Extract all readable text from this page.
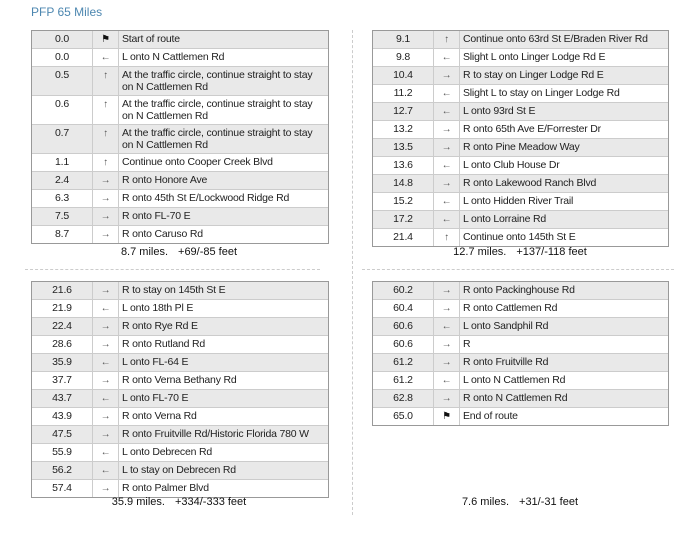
PFP 65 Miles
0.0	⚑	Start of route
0.0	←	L onto N Cattlemen Rd
0.5	↑	At the traffic circle, continue straight to stay on N Cattlemen Rd
0.6	↑	At the traffic circle, continue straight to stay on N Cattlemen Rd
0.7	↑	At the traffic circle, continue straight to stay on N Cattlemen Rd
1.1	↑	Continue onto Cooper Creek Blvd
2.4	→	R onto Honore Ave
6.3	→	R onto 45th St E/Lockwood Ridge Rd
7.5	→	R onto FL-70 E
8.7	→	R onto Caruso Rd
9.1	↑	Continue onto 63rd St E/Braden River Rd
9.8	←	Slight L onto Linger Lodge Rd E
10.4	→	R to stay on Linger Lodge Rd E
11.2	←	Slight L to stay on Linger Lodge Rd
12.7	←	L onto 93rd St E
13.2	→	R onto 65th Ave E/Forrester Dr
13.5	→	R onto Pine Meadow Way
13.6	←	L onto Club House Dr
14.8	→	R onto Lakewood Ranch Blvd
15.2	←	L onto Hidden River Trail
17.2	←	L onto Lorraine Rd
21.4	↑	Continue onto 145th St E
21.6	→	R to stay on 145th St E
21.9	←	L onto 18th Pl E
22.4	→	R onto Rye Rd E
28.6	→	R onto Rutland Rd
35.9	←	L onto FL-64 E
37.7	→	R onto Verna Bethany Rd
43.7	←	L onto FL-70 E
43.9	→	R onto Verna Rd
47.5	→	R onto Fruitville Rd/Historic Florida 780 W
55.9	←	L onto Debrecen Rd
56.2	←	L to stay on Debrecen Rd
57.4	→	R onto Palmer Blvd
60.2	→	R onto Packinghouse Rd
60.4	→	R onto Cattlemen Rd
60.6	←	L onto Sandphil Rd
60.6	→	R
61.2	→	R onto Fruitville Rd
61.2	←	L onto N Cattlemen Rd
62.8	→	R onto N Cattlemen Rd
65.0	⚑	End of route
8.7 miles. +69/-85 feet	12.7 miles. +137/-118 feet
35.9 miles. +334/-333 feet	7.6 miles. +31/-31 feet
